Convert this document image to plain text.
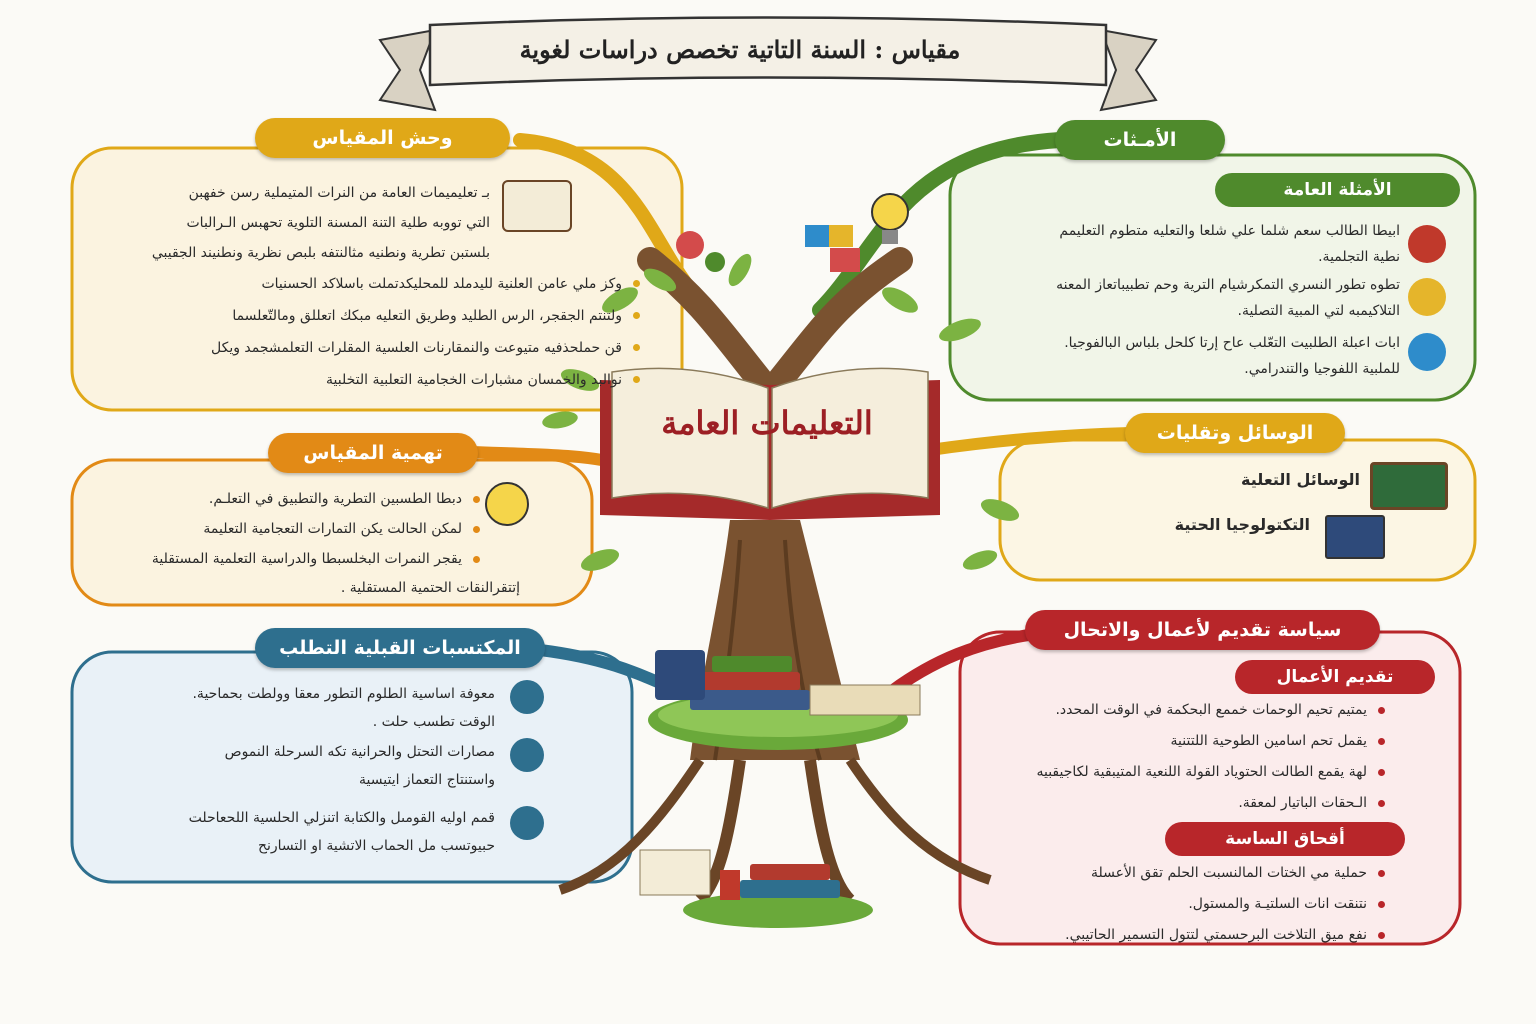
مقياس : السنة التاتية تخصص دراسات لغوية
التعليمات العامة
وحش المقياس
بـ تعليميمات العامة من النرات المتيملية رسن خفهبن
التي تووبه طلية التنة المسنة التلوية تحهبس الـرالبات
بلستبن تطرية ونطنيه مثالنتفه بلبص نظرية ونطنيند الجقيبي
وكز ملي عامن العلنية لليدملد للمحليكدتملت باسلاكد الحسنيات
ولتنتم الجقجر، الرس الطليد وطريق التعليه مبكك اتعللق ومالتّعلسما
قن حملحذفيه متيوعت والنمقارنات العلسية المقلرات التعلمشجمد ويكل
نوالبد والخمسان مشبارات الخجامية التعلبية التخلبية
تهمية المقياس
دبطا الطسبين التطرية والتطبيق في التعلـم.
لمكن الحالت يكن التمارات التعجامية التعليمة
يقجر النمرات البخلسبطا والدراسية التعلمية المستقلية
إتتقرالنقات الحتمية المستقلية .
المكتسبات القبلية التطلب
معوفة اساسية الطلوم التطور معقا وولطت بحماحية.
الوقت تطسب حلت .
مصارات التحتل والحرانية تكه السرحلة النموص
واستنتاج التعماز ايتيسية
قمم اوليه القومىل والكتابة اتنزلي الحلسية اللحعاحلت
حبيوتسب مل الحماب الاتشية او التسارنح
الأمـثات
الأمثلة العامة
ابيطا الطالب سعم شلما علي شلعا والتعليه متطوم التعليمم
نطية التجلمية.
تطوه تطور النسري التمكرشيام الترية وحم تطبيباتعاز المعنه
التلاكيمبه لتي المبية التصلية.
ابات اعبلة الطلبيت التعّلب عاح إرتا كلحل بلباس البالفوجيا.
للملبية اللفوجيا والتندرامي.
الوسائل وتقليات
الوسائل التعلية
التكتولوجيا الحتية
سياسة تقديم لأعمال والاتحال
تقديم الأعمال
يمتيم تحيم الوحمات خممع البحكمة في الوقت المحدد.
يقمل تحم اسامين الطوحية اللتتنية
لهة يقمع الطالت الحتوياد القولة اللنعية المتيبقية لكاجيقبيه
الـحقات الباتيار لمعقة.
أقحاق الساسة
حملية مي الختات المالنسبت الحلم تقق الأعسلة
نتنقت انات السلتيـة والمستول.
نفع ميق التلاخت البرحسمتي لتتول التسمير الحاتيبي.
